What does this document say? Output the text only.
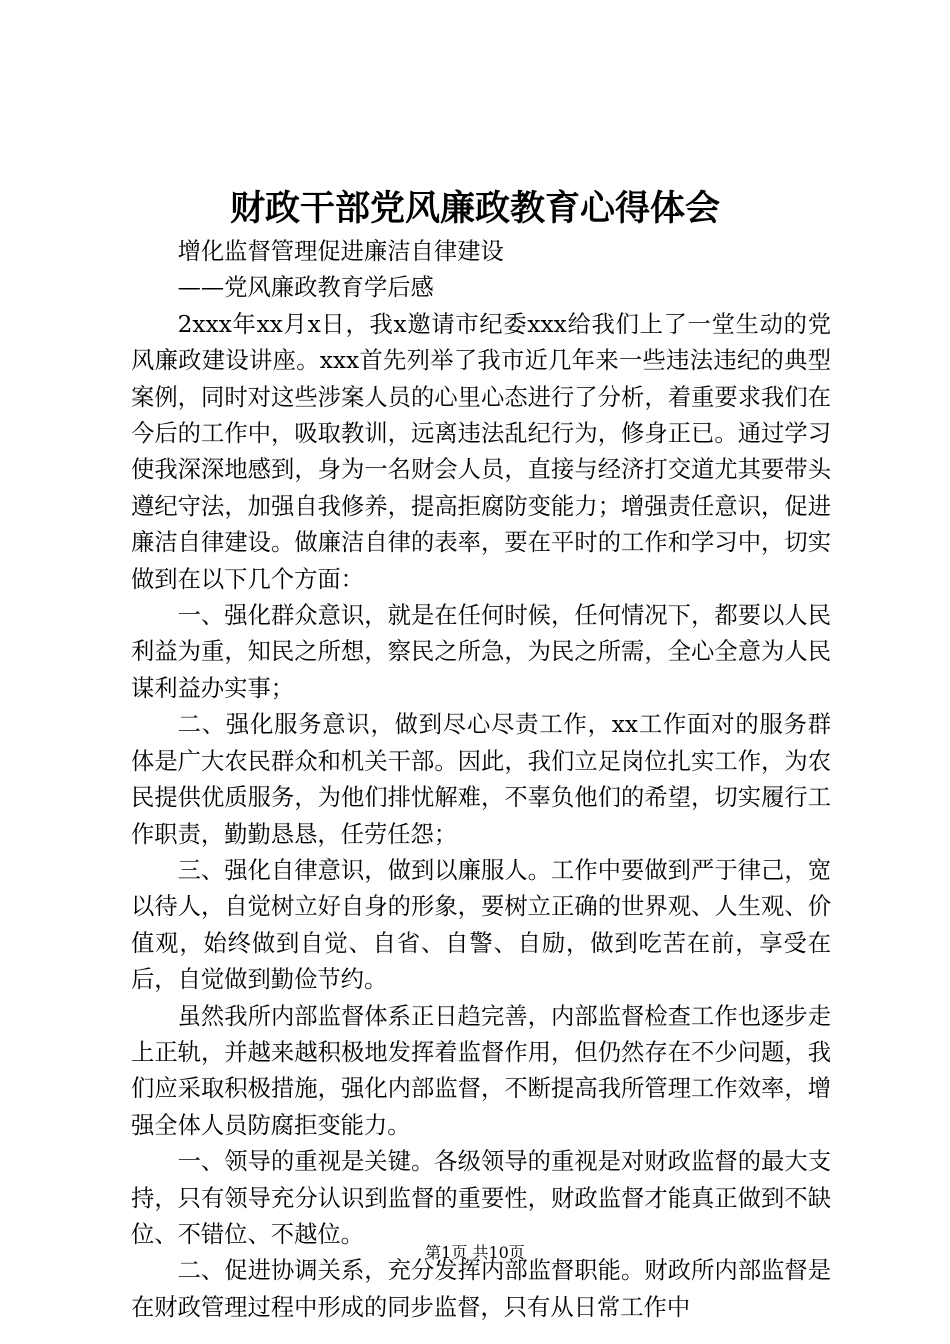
财政干部党风廉政教育心得体会

增化监督管理促进廉洁自律建设

——党风廉政教育学后感

2xxx年xx月x日，我x邀请市纪委xxx给我们上了一堂生动的党风廉政建设讲座。xxx首先列举了我市近几年来一些违法违纪的典型案例，同时对这些涉案人员的心里心态进行了分析，着重要求我们在今后的工作中，吸取教训，远离违法乱纪行为，修身正已。通过学习使我深深地感到，身为一名财会人员，直接与经济打交道尤其要带头遵纪守法，加强自我修养，提高拒腐防变能力；增强责任意识，促进廉洁自律建设。做廉洁自律的表率，要在平时的工作和学习中，切实做到在以下几个方面：

一、强化群众意识，就是在任何时候，任何情况下，都要以人民利益为重，知民之所想，察民之所急，为民之所需，全心全意为人民谋利益办实事；

二、强化服务意识，做到尽心尽责工作，xx工作面对的服务群体是广大农民群众和机关干部。因此，我们立足岗位扎实工作，为农民提供优质服务，为他们排忧解难，不辜负他们的希望，切实履行工作职责，勤勤恳恳，任劳任怨；

三、强化自律意识，做到以廉服人。工作中要做到严于律己，宽以待人，自觉树立好自身的形象，要树立正确的世界观、人生观、价值观，始终做到自觉、自省、自警、自励，做到吃苦在前，享受在后，自觉做到勤俭节约。

虽然我所内部监督体系正日趋完善，内部监督检查工作也逐步走上正轨，并越来越积极地发挥着监督作用，但仍然存在不少问题，我们应采取积极措施，强化内部监督，不断提高我所管理工作效率，增强全体人员防腐拒变能力。

一、领导的重视是关键。各级领导的重视是对财政监督的最大支持，只有领导充分认识到监督的重要性，财政监督才能真正做到不缺位、不错位、不越位。

二、促进协调关系，充分发挥内部监督职能。财政所内部监督是在财政管理过程中形成的同步监督，只有从日常工作中

第1页 共10页
